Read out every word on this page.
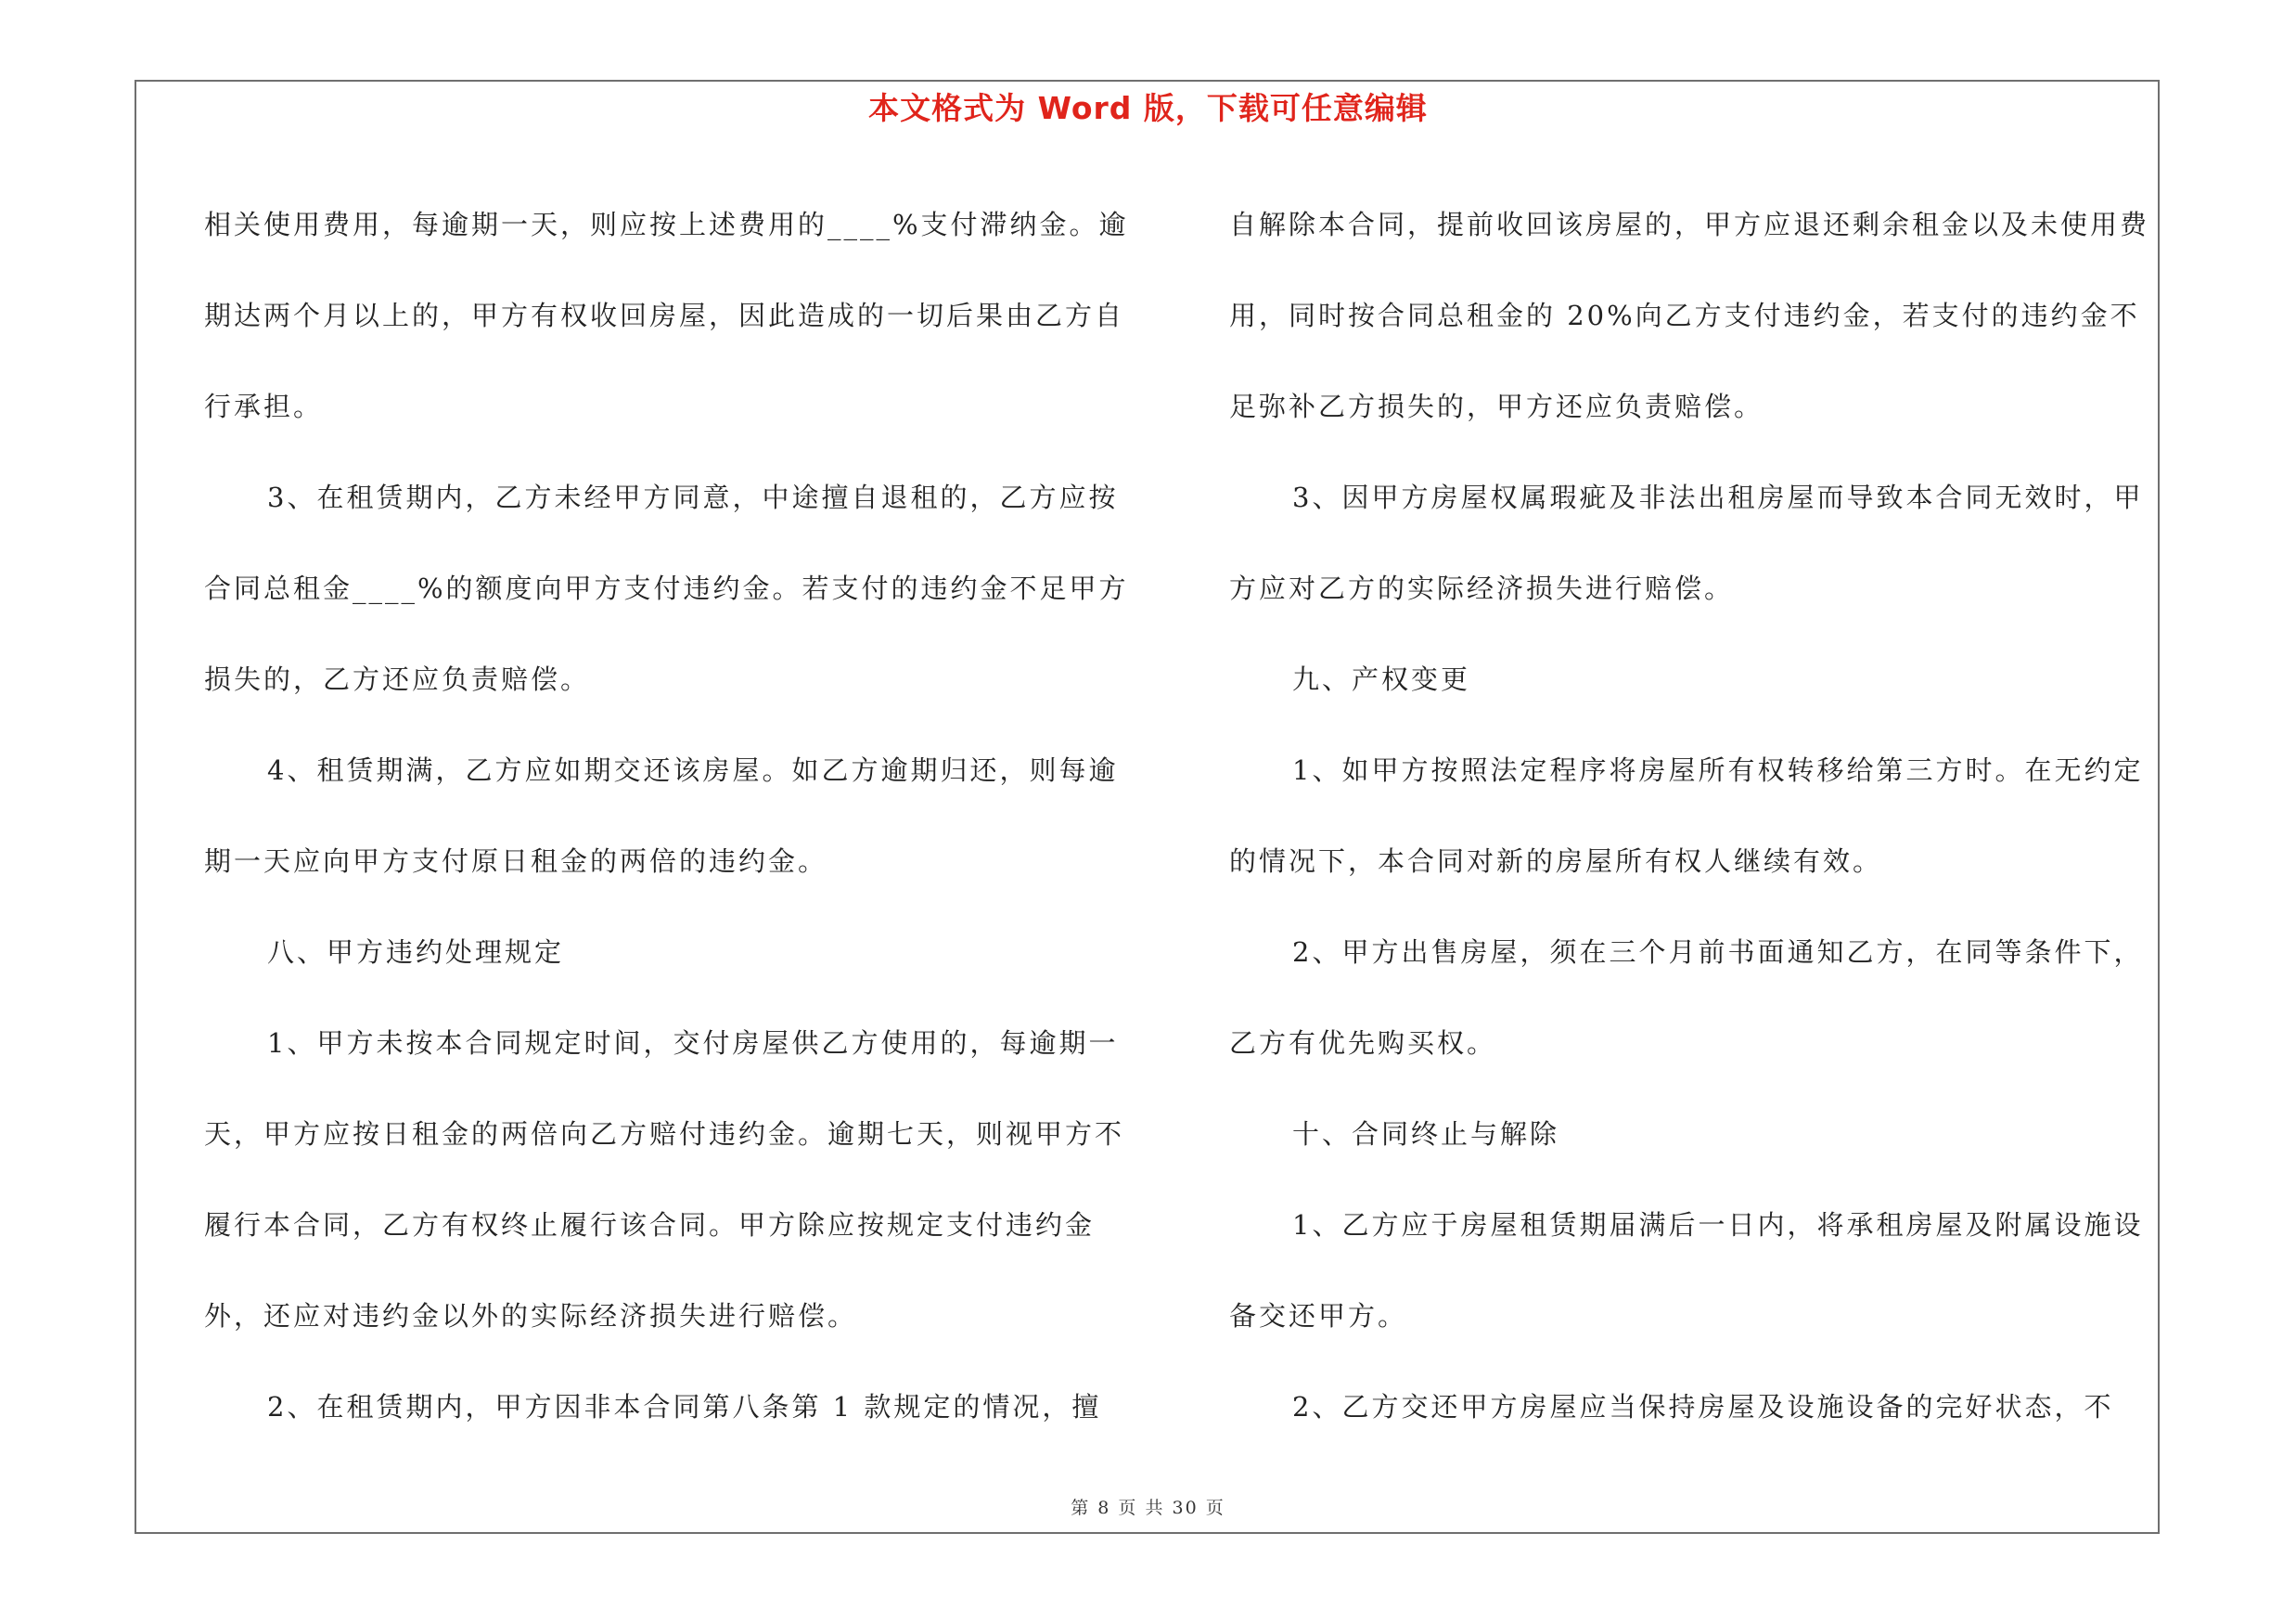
本文格式为 Word 版，下载可任意编辑

相关使用费用，每逾期一天，则应按上述费用的____%支付滞纳金。逾期达两个月以上的，甲方有权收回房屋，因此造成的一切后果由乙方自行承担。

3、在租赁期内，乙方未经甲方同意，中途擅自退租的，乙方应按合同总租金____%的额度向甲方支付违约金。若支付的违约金不足甲方损失的，乙方还应负责赔偿。

4、租赁期满，乙方应如期交还该房屋。如乙方逾期归还，则每逾期一天应向甲方支付原日租金的两倍的违约金。

八、甲方违约处理规定

1、甲方未按本合同规定时间，交付房屋供乙方使用的，每逾期一天，甲方应按日租金的两倍向乙方赔付违约金。逾期七天，则视甲方不履行本合同，乙方有权终止履行该合同。甲方除应按规定支付违约金外，还应对违约金以外的实际经济损失进行赔偿。

2、在租赁期内，甲方因非本合同第八条第 1 款规定的情况，擅

自解除本合同，提前收回该房屋的，甲方应退还剩余租金以及未使用费用，同时按合同总租金的 20%向乙方支付违约金，若支付的违约金不足弥补乙方损失的，甲方还应负责赔偿。

3、因甲方房屋权属瑕疵及非法出租房屋而导致本合同无效时，甲方应对乙方的实际经济损失进行赔偿。

九、产权变更

1、如甲方按照法定程序将房屋所有权转移给第三方时。在无约定的情况下，本合同对新的房屋所有权人继续有效。

2、甲方出售房屋，须在三个月前书面通知乙方，在同等条件下，乙方有优先购买权。

十、合同终止与解除

1、乙方应于房屋租赁期届满后一日内，将承租房屋及附属设施设备交还甲方。

2、乙方交还甲方房屋应当保持房屋及设施设备的完好状态，不

第 8 页 共 30 页
